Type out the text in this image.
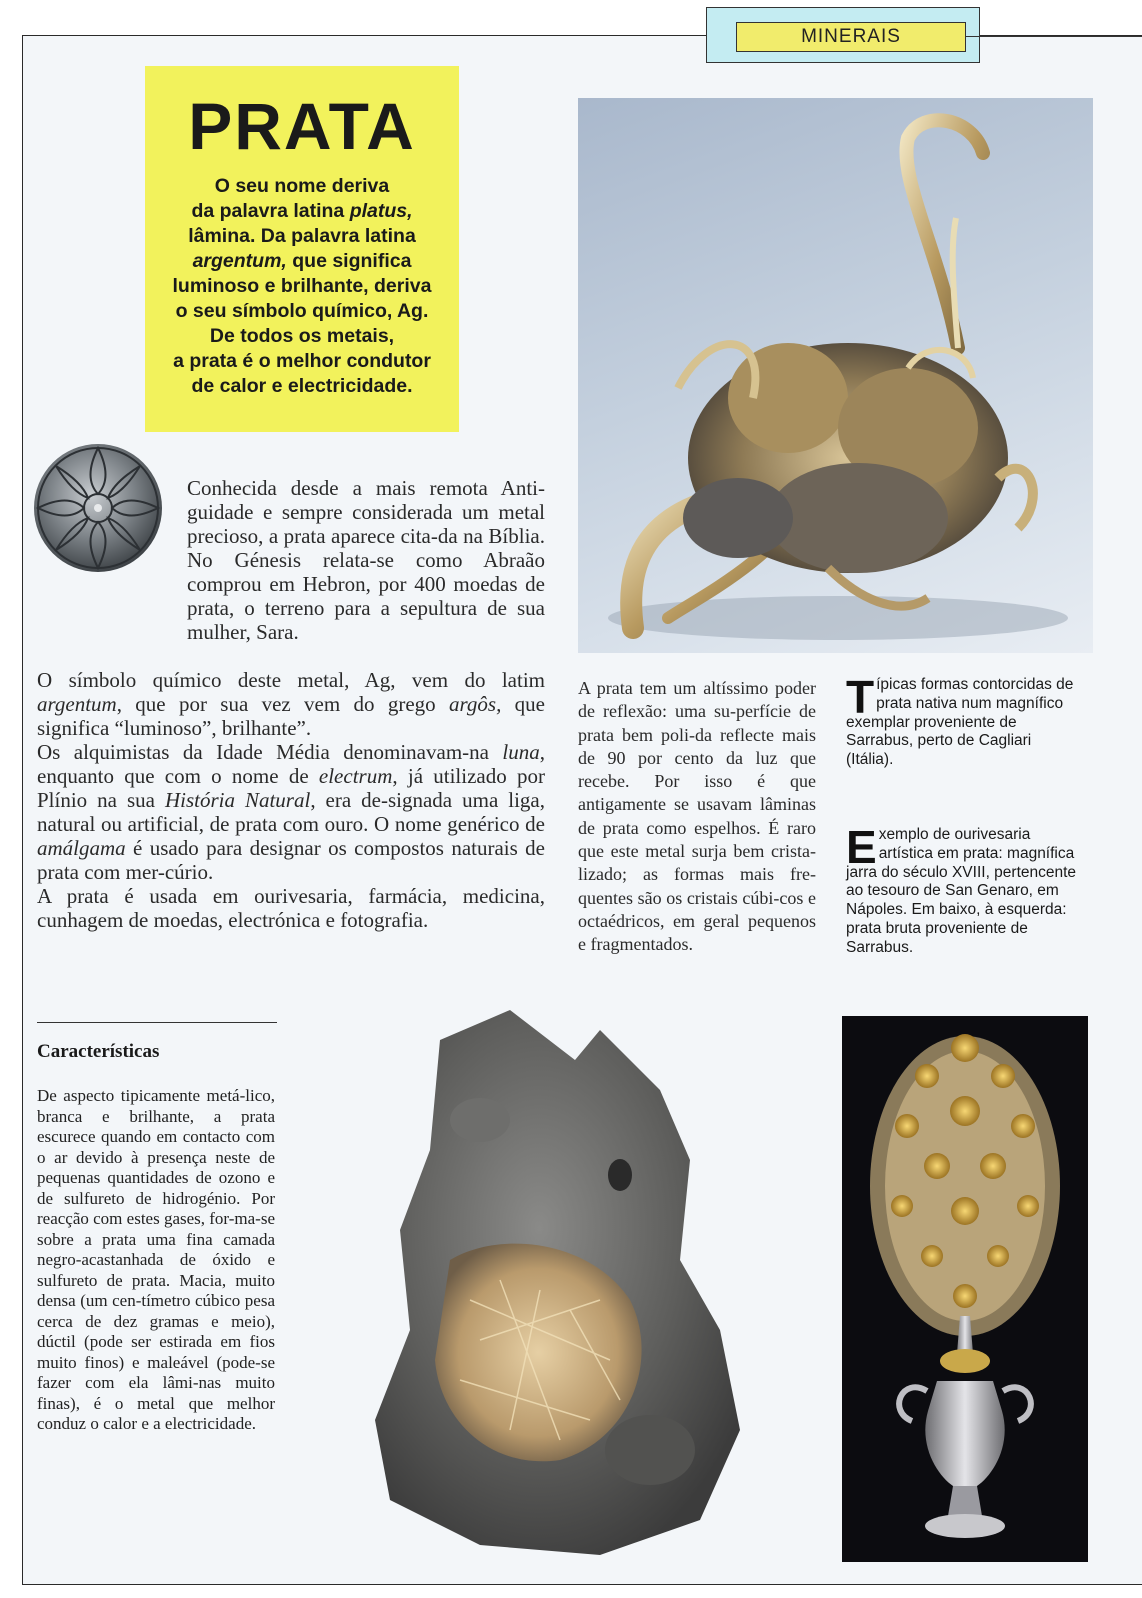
MINERAIS
PRATA
O seu nome deriva
da palavra latina platus,
lâmina. Da palavra latina
argentum, que significa
luminoso e brilhante, deriva
o seu símbolo químico, Ag.
De todos os metais,
a prata é o melhor condutor
de calor e electricidade.

Conhecida desde a mais remota Anti-guidade e sempre considerada um metal precioso, a prata aparece cita-da na Bíblia. No Génesis relata-se como Abraão comprou em Hebron, por 400 moedas de prata, o terreno para a sepultura de sua mulher, Sara.

O símbolo químico deste metal, Ag, vem do latim argentum, que por sua vez vem do grego argôs, que significa “luminoso”, brilhante”.

Os alquimistas da Idade Média denominavam-na luna, enquanto que com o nome de electrum, já utilizado por Plínio na sua História Natural, era de-signada uma liga, natural ou artificial, de prata com ouro. O nome genérico de amálgama é usado para designar os compostos naturais de prata com mer-cúrio.

A prata é usada em ourivesaria, farmácia, medicina, cunhagem de moedas, electrónica e fotografia.

A prata tem um altíssimo poder de reflexão: uma su-perfície de prata bem poli-da reflecte mais de 90 por cento da luz que recebe. Por isso é que antigamente se usavam lâminas de prata como espelhos. É raro que este metal surja bem crista-lizado; as formas mais fre-quentes são os cristais cúbi-cos e octaédricos, em geral pequenos e fragmentados.
Típicas formas contorcidas de prata nativa num magnífico exemplar proveniente de Sarrabus, perto de Cagliari (Itália).
Exemplo de ourivesaria artística em prata: magnífica jarra do século XVIII, pertencente ao tesouro de San Genaro, em Nápoles. Em baixo, à esquerda: prata bruta proveniente de Sarrabus.
Características
De aspecto tipicamente metá-lico, branca e brilhante, a prata escurece quando em contacto com o ar devido à presença neste de pequenas quantidades de ozono e de sulfureto de hidrogénio. Por reacção com estes gases, for-ma-se sobre a prata uma fina camada negro-acastanhada de óxido e sulfureto de prata. Macia, muito densa (um cen-tímetro cúbico pesa cerca de dez gramas e meio), dúctil (pode ser estirada em fios muito finos) e maleável (pode-se fazer com ela lâmi-nas muito finas), é o metal que melhor conduz o calor e a electricidade.
